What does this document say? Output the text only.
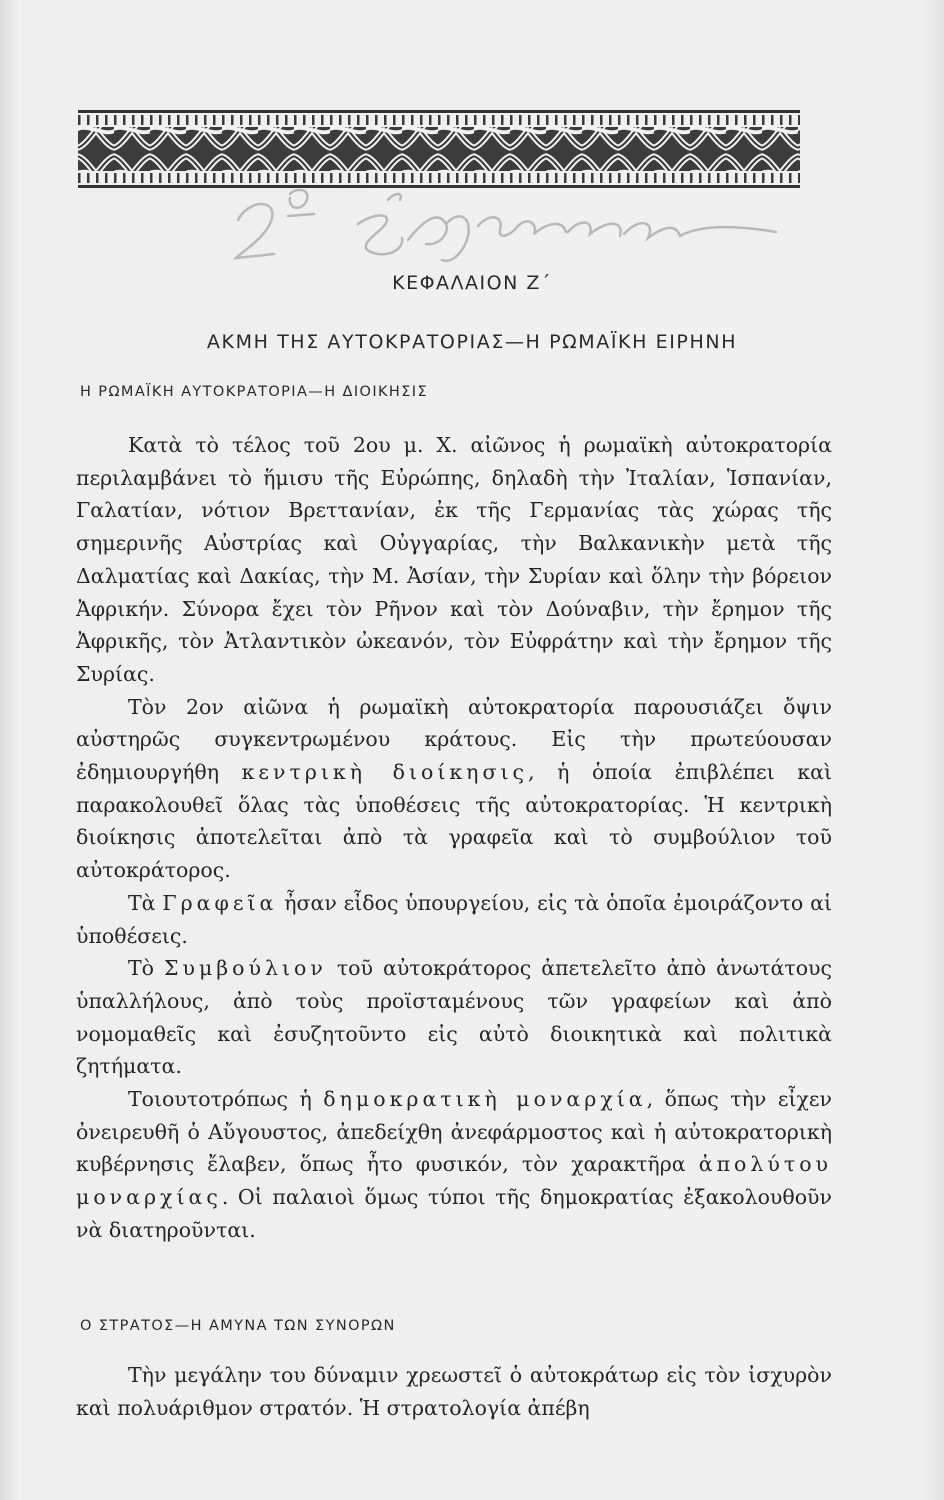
ΚΕΦΑΛΑΙΟΝ Ζ΄
ΑΚΜΗ ΤΗΣ ΑΥΤΟΚΡΑΤΟΡΙΑΣ—Η ΡΩΜΑΪΚΗ ΕΙΡΗΝΗ
Η ΡΩΜΑΪΚΗ ΑΥΤΟΚΡΑΤΟΡΙΑ—Η ΔΙΟΙΚΗΣΙΣ

Κατὰ τὸ τέλος τοῦ 2ου μ. Χ. αἰῶνος ἡ ρωμαϊκὴ αὐτοκρατορία περιλαμβάνει τὸ ἥμισυ τῆς Εὐρώπης, δηλαδὴ τὴν Ἰταλίαν, Ἱσπανίαν, Γαλατίαν, νότιον Βρεττανίαν, ἐκ τῆς Γερμανίας τὰς χώρας τῆς σημερινῆς Αὐστρίας καὶ Οὐγγαρίας, τὴν Βαλκανικὴν μετὰ τῆς Δαλματίας καὶ Δακίας, τὴν Μ. Ἀσίαν, τὴν Συρίαν καὶ ὅλην τὴν βόρειον Ἀφρικήν. Σύνορα ἔχει τὸν Ρῆνον καὶ τὸν Δούναβιν, τὴν ἔρημον τῆς Ἀφρικῆς, τὸν Ἀτλαντικὸν ὠκεανόν, τὸν Εὐφράτην καὶ τὴν ἔρημον τῆς Συρίας.

Τὸν 2ον αἰῶνα ἡ ρωμαϊκὴ αὐτοκρατορία παρουσιάζει ὄψιν αὐστηρῶς συγκεντρωμένου κράτους. Εἰς τὴν πρωτεύουσαν ἐδημιουργήθη κεντρικὴ διοίκησις, ἡ ὁποία ἐπιβλέπει καὶ παρακολουθεῖ ὅλας τὰς ὑποθέσεις τῆς αὐτοκρατορίας. Ἡ κεντρικὴ διοίκησις ἀποτελεῖται ἀπὸ τὰ γραφεῖα καὶ τὸ συμβούλιον τοῦ αὐτοκράτορος.

Τὰ Γραφεῖα ἦσαν εἶδος ὑπουργείου, εἰς τὰ ὁποῖα ἐμοιράζοντο αἱ ὑποθέσεις.

Τὸ Συμβούλιον τοῦ αὐτοκράτορος ἀπετελεῖτο ἀπὸ ἀνωτάτους ὑπαλλήλους, ἀπὸ τοὺς προϊσταμένους τῶν γραφείων καὶ ἀπὸ νομομαθεῖς καὶ ἐσυζητοῦντο εἰς αὐτὸ διοικητικὰ καὶ πολιτικὰ ζητήματα.

Τοιουτοτρόπως ἡ δημοκρατικὴ μοναρχία, ὅπως τὴν εἶχεν ὀνειρευθῆ ὁ Αὔγουστος, ἀπεδείχθη ἀνεφάρμοστος καὶ ἡ αὐτοκρατορικὴ κυβέρνησις ἔλαβεν, ὅπως ἦτο φυσικόν, τὸν χαρακτῆρα ἀπολύτου μοναρχίας. Οἱ παλαιοὶ ὅμως τύποι τῆς δημοκρατίας ἐξακολουθοῦν νὰ διατηροῦνται.

Ο ΣΤΡΑΤΟΣ—Η ΑΜΥΝΑ ΤΩΝ ΣΥΝΟΡΩΝ

Τὴν μεγάλην του δύναμιν χρεωστεῖ ὁ αὐτοκράτωρ εἰς τὸν ἰσχυρὸν καὶ πολυάριθμον στρατόν. Ἡ στρατολογία ἀπέβη
